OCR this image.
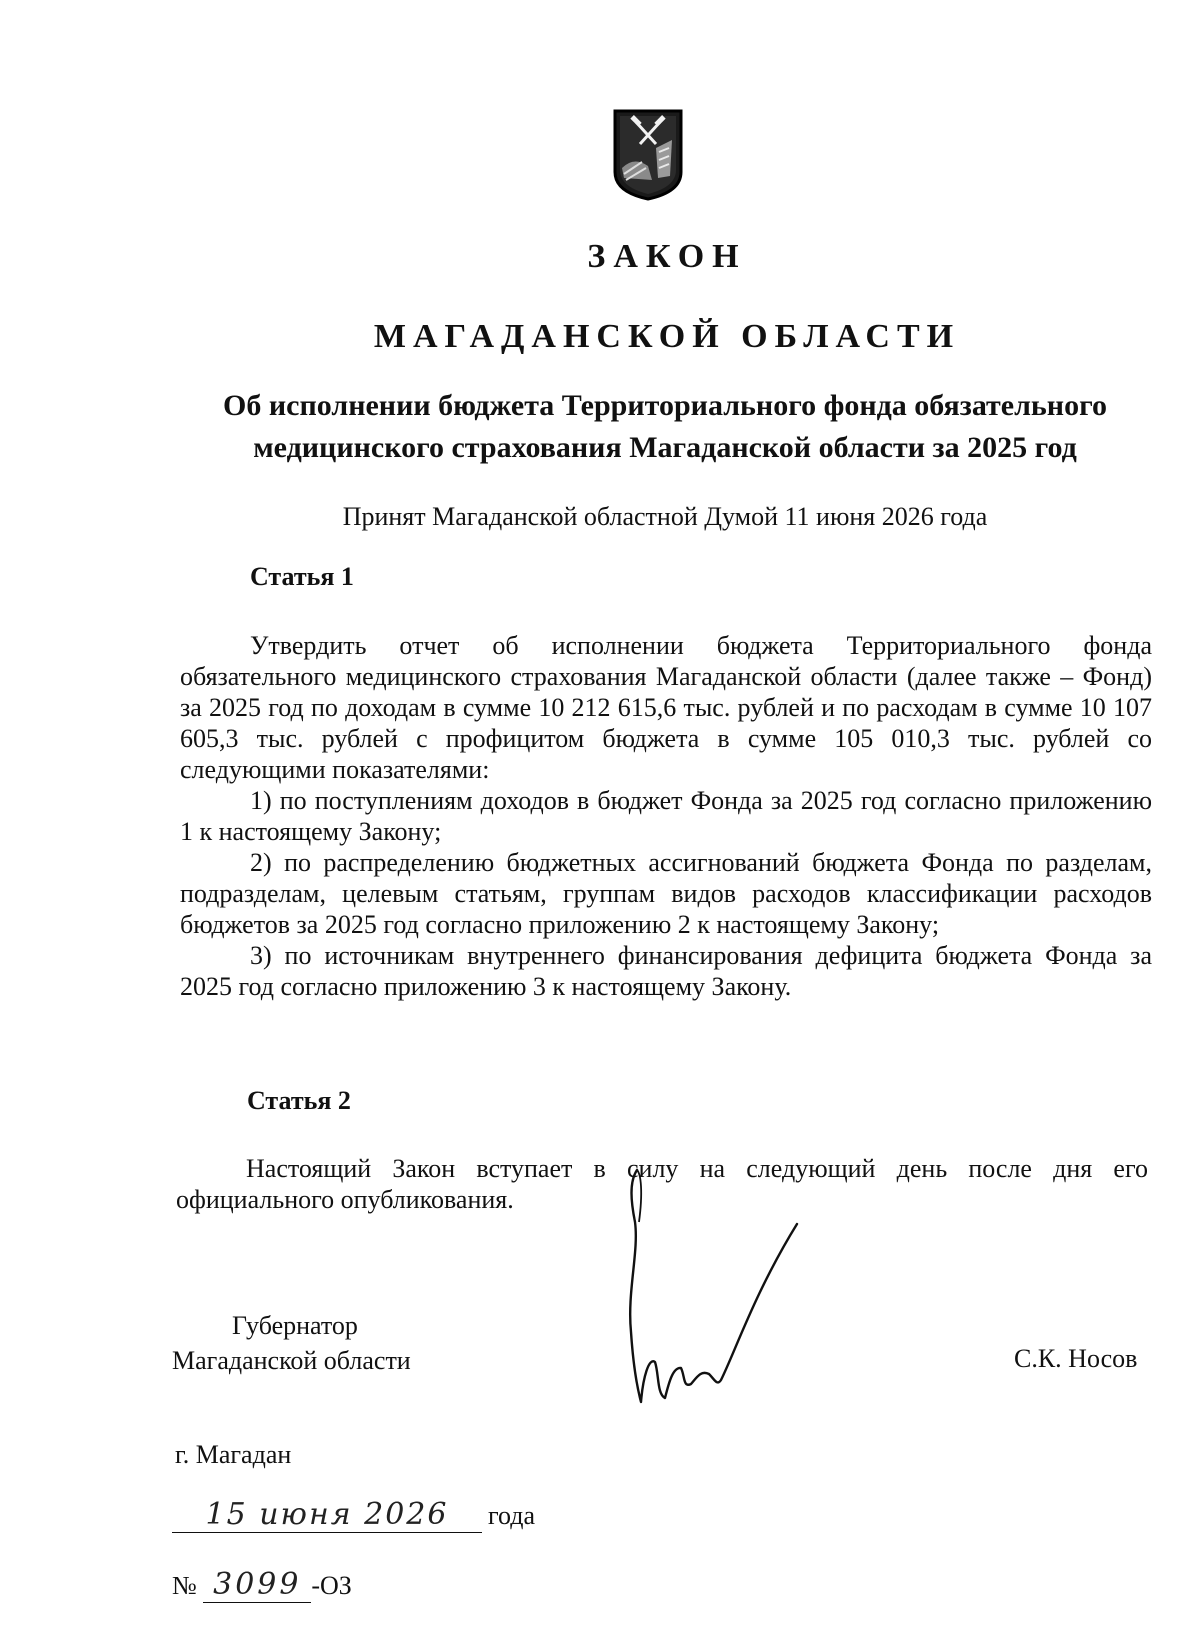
ЗАКОН
МАГАДАНСКОЙ ОБЛАСТИ
Об исполнении бюджета Территориального фонда обязательного
медицинского страхования Магаданской области за 2025 год
Принят Магаданской областной Думой 11 июня 2026 года
Статья 1

Утвердить отчет об исполнении бюджета Территориального фонда обязательного медицинского страхования Магаданской области (далее также – Фонд) за 2025 год по доходам в сумме 10 212 615,6 тыс. рублей и по расходам в сумме 10 107 605,3 тыс. рублей с профицитом бюджета в сумме 105 010,3 тыс. рублей со следующими показателями:

1) по поступлениям доходов в бюджет Фонда за 2025 год согласно приложению 1 к настоящему Закону;

2) по распределению бюджетных ассигнований бюджета Фонда по разделам, подразделам, целевым статьям, группам видов расходов классификации расходов бюджетов за 2025 год согласно приложению 2 к настоящему Закону;

3) по источникам внутреннего финансирования дефицита бюджета Фонда за 2025 год согласно приложению 3 к настоящему Закону.

Статья 2

Настоящий Закон вступает в силу на следующий день после дня его официального опубликования.

Губернатор
Магаданской области	С.К. Носов
г. Магадан
15 июня 2026 года
№ 3099 -ОЗ
